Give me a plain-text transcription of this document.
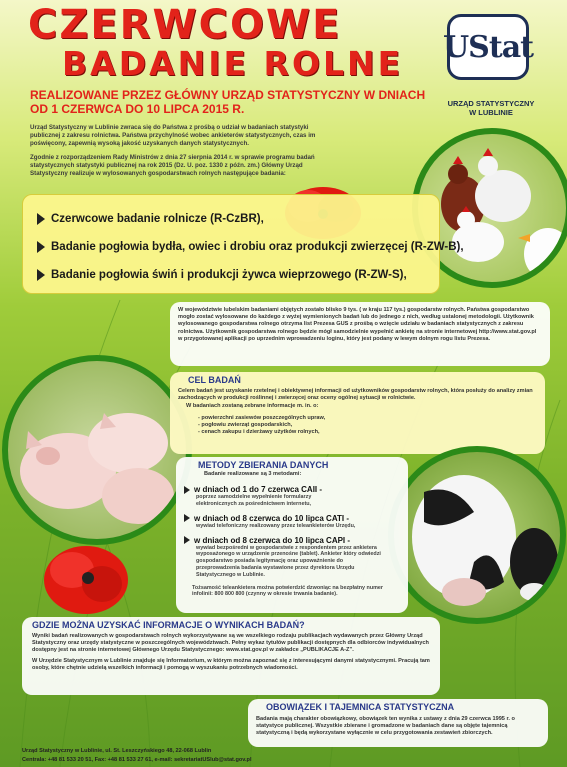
CZERWCOWE
BADANIE ROLNE
REALIZOWANE PRZEZ GŁÓWNY URZĄD STATYSTYCZNY W DNIACH
OD 1 CZERWCA DO 10 LIPCA 2015 R.
UStat
URZĄD STATYSTYCZNY
W LUBLINIE
Urząd Statystyczny w Lublinie zwraca się do Państwa z prośbą o udział w badaniach statystyki publicznej z zakresu rolnictwa. Państwa przychylność wobec ankieterów statystycznych, czas im poświęcony, zapewnią wysoką jakość uzyskanych danych statystycznych.
Zgodnie z rozporządzeniem Rady Ministrów z dnia 27 sierpnia 2014 r. w sprawie programu badań statystycznych statystyki publicznej na rok 2015 (Dz. U. poz. 1330 z późn. zm.) Główny Urząd Statystyczny realizuje w wylosowanych gospodarstwach rolnych następujące badania:
Czerwcowe badanie rolnicze (R-CzBR),
Badanie pogłowia bydła, owiec i drobiu oraz produkcji zwierzęcej (R-ZW-B),
Badanie pogłowia świń i produkcji żywca wieprzowego (R-ZW-S),
W województwie lubelskim badaniami objętych zostało blisko 9 tys. ( w kraju 117 tys.) gospodarstw rolnych. Państwa gospodarstwo mogło zostać wylosowane do każdego z wyżej wymienionych badań lub do jednego z nich, według ustalonej metodologii. Użytkownik wylosowanego gospodarstwa rolnego otrzyma list Prezesa GUS z prośbą o wzięcie udziału w badaniach statystycznych z zakresu rolnictwa. Użytkownik gospodarstwa rolnego będzie mógł samodzielnie wypełnić ankietę na stronie internetowej http://www.stat.gov.pl w przygotowanej aplikacji po uprzednim wprowadzeniu loginu, który jest podany w lewym dolnym rogu listu Prezesa.
CEL BADAŃ
Celem badań jest uzyskanie rzetelnej i obiektywnej informacji od użytkowników gospodarstw rolnych, która posłuży do analizy zmian zachodzących w produkcji roślinnej i zwierzęcej oraz oceny ogólnej sytuacji w rolnictwie.
W badaniach zostaną zebrane informacje m. in. o:
- powierzchni zasiewów poszczególnych upraw,
- pogłowiu zwierząt gospodarskich,
- cenach zakupu i dzierżawy użytków rolnych,
METODY ZBIERANIA DANYCH
Badanie realizowane są 3 metodami:
w dniach od 1 do 7 czerwca CAII -
poprzez samodzielne wypełnienie formularzy elektronicznych za pośrednictwem internetu,
w dniach od 8 czerwca do 10 lipca CATI -
wywiad telefoniczny realizowany przez teleankieterów Urzędu,
w dniach od 8 czerwca do 10 lipca CAPI -
wywiad bezpośredni w gospodarstwie z respondentem przez ankietera wyposażonego w urządzenie przenośne (tablet). Ankieter który odwiedzi gospodarstwo posiada legitymację oraz upoważnienie do przeprowadzenia badania wystawione przez dyrektora Urzędu Statystycznego w Lublinie.
Tożsamość teleankietera można potwierdzić dzwoniąc na bezpłatny numer infolinii: 800 800 800 (czynny w okresie trwania badanie).
GDZIE MOŻNA UZYSKAĆ INFORMACJE O WYNIKACH BADAŃ?
Wyniki badań realizowanych w gospodarstwach rolnych wykorzystywane są we wszelkiego rodzaju publikacjach wydawanych przez Główny Urząd Statystyczny oraz urzędy statystyczne w poszczególnych województwach. Pełny wykaz tytułów publikacji dostępnych dla odbiorców indywidualnych dostępny jest na stronie internetowej Głównego Urzędu Statystycznego: www.stat.gov.pl w zakładce „PUBLIKACJE A-Z”.
W Urzędzie Statystycznym w Lublinie znajduje się Informatorium, w którym można zapoznać się z interesującymi danymi statystycznymi. Pracują tam osoby, które chętnie udzielą wszelkich informacji i pomogą w wyszukaniu potrzebnych wiadomości.
OBOWIĄZEK I TAJEMNICA STATYSTYCZNA
Badania mają charakter obowiązkowy, obowiązek ten wynika z ustawy z dnia 29 czerwca 1995 r. o statystyce publicznej. Wszystkie zbierane i gromadzone w badaniach dane są objęte tajemnicą statystyczną i będą wykorzystane wyłącznie w celu przygotowania zestawień zbiorczych.
Urząd Statystyczny w Lublinie, ul. St. Leszczyńskiego 48, 22-068 Lublin
Centrala: +48 81 533 20 51, Fax: +48 81 533 27 61, e-mail: sekretariatUSlub@stat.gov.pl
